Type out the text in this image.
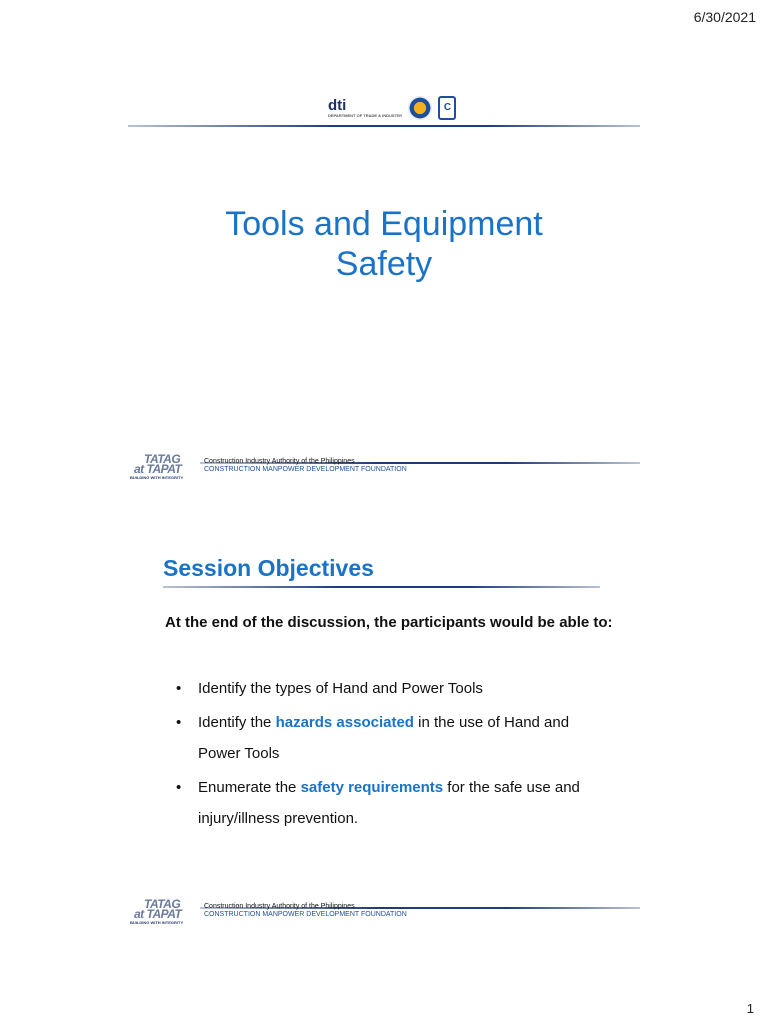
6/30/2021
dti
DEPARTMENT OF TRADE & INDUSTRY
C
Tools and Equipment
Safety
TATAG
at TAPAT
BUILDING WITH INTEGRITY
Construction Industry Authority of the Philippines
CONSTRUCTION MANPOWER DEVELOPMENT FOUNDATION
Session Objectives
At the end of the discussion, the participants would be able to:
• Identify the types of Hand and Power Tools
• Identify the hazards associated in the use of Hand and Power Tools
• Enumerate the safety requirements for the safe use and injury/illness prevention.
TATAG
at TAPAT
BUILDING WITH INTEGRITY
Construction Industry Authority of the Philippines
CONSTRUCTION MANPOWER DEVELOPMENT FOUNDATION
1
